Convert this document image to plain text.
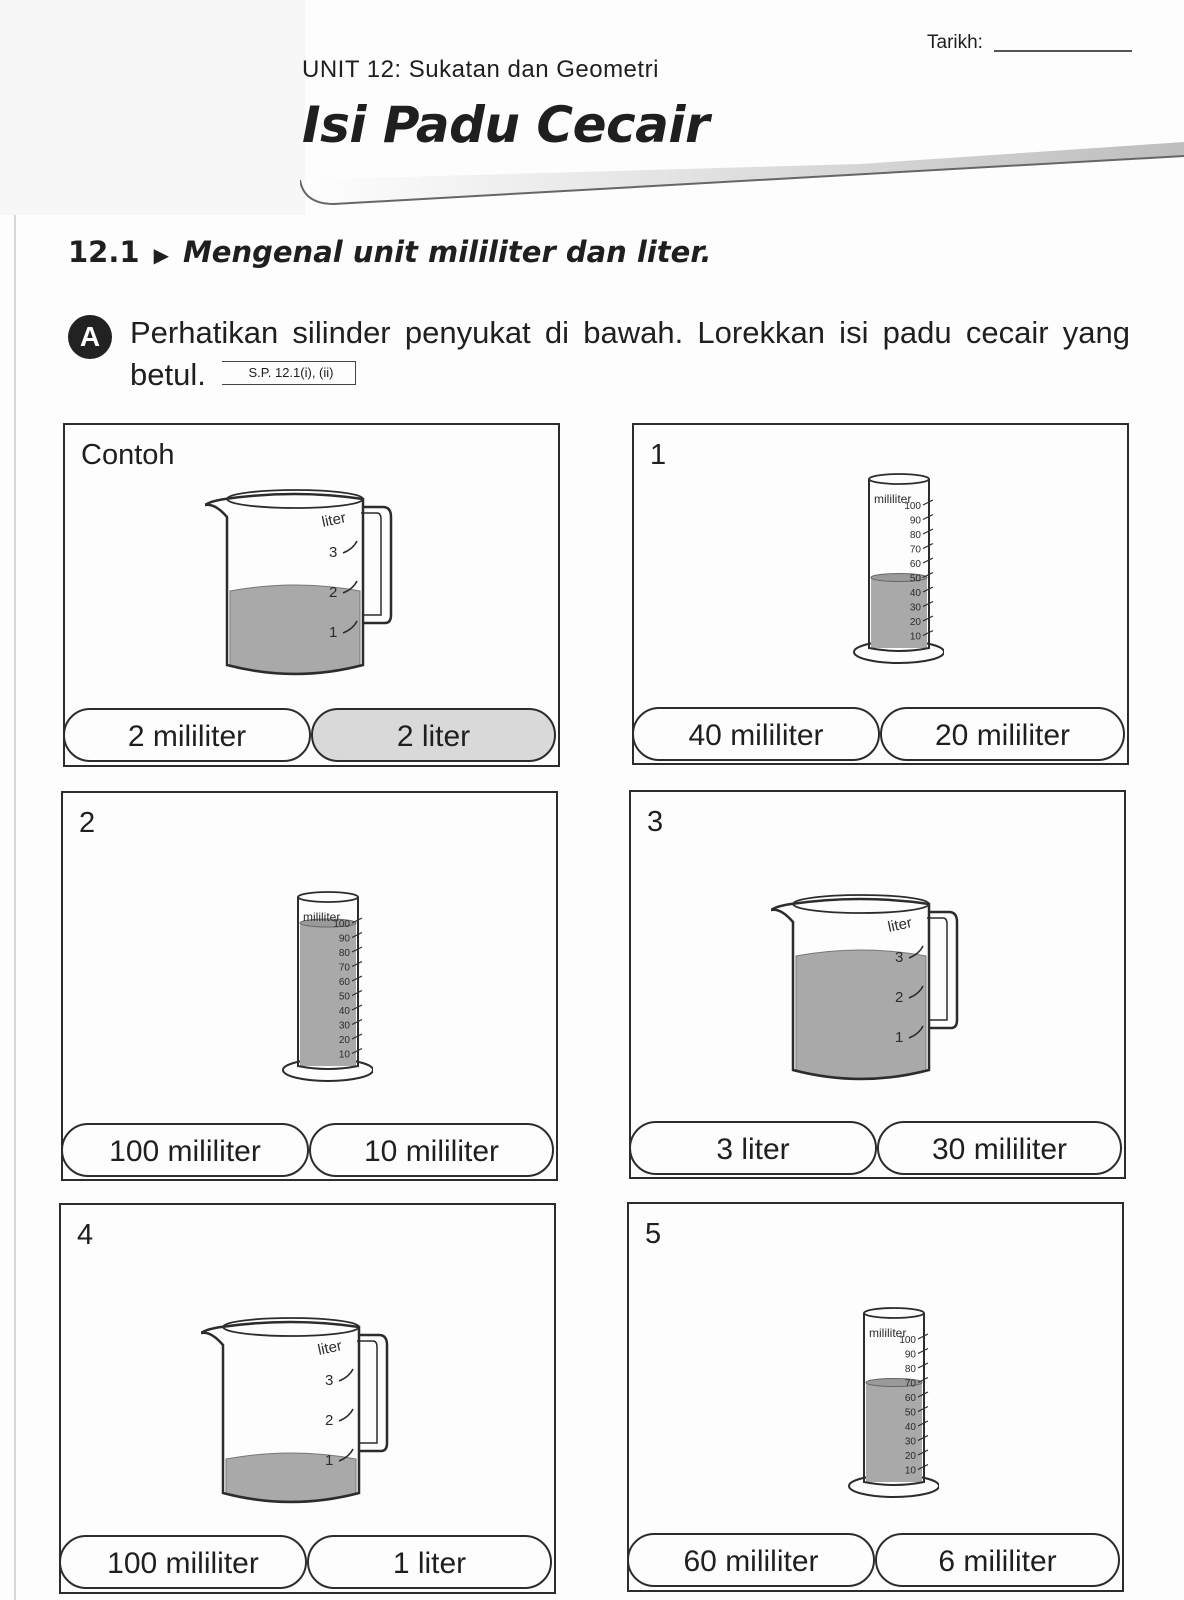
Tarikh:
UNIT 12: Sukatan dan Geometri
Isi Padu Cecair
12.1 ▶ Mengenal unit mililiter dan liter.
A Perhatikan silinder penyukat di bawah. Lorekkan isi padu cecair yang betul.	S.P. 12.1(i), (ii)
Contoh
liter
3
2
1
2 mililiter	2 liter
1
mililiter
100
90
80
70
60
50
40
30
20
10
40 mililiter	20 mililiter
2
mililiter
100
90
80
70
60
50
40
30
20
10
100 mililiter	10 mililiter
3
liter
3
2
1
3 liter	30 mililiter
4
liter
3
2
1
100 mililiter	1 liter
5
mililiter
100
90
80
70
60
50
40
30
20
10
60 mililiter	6 mililiter
